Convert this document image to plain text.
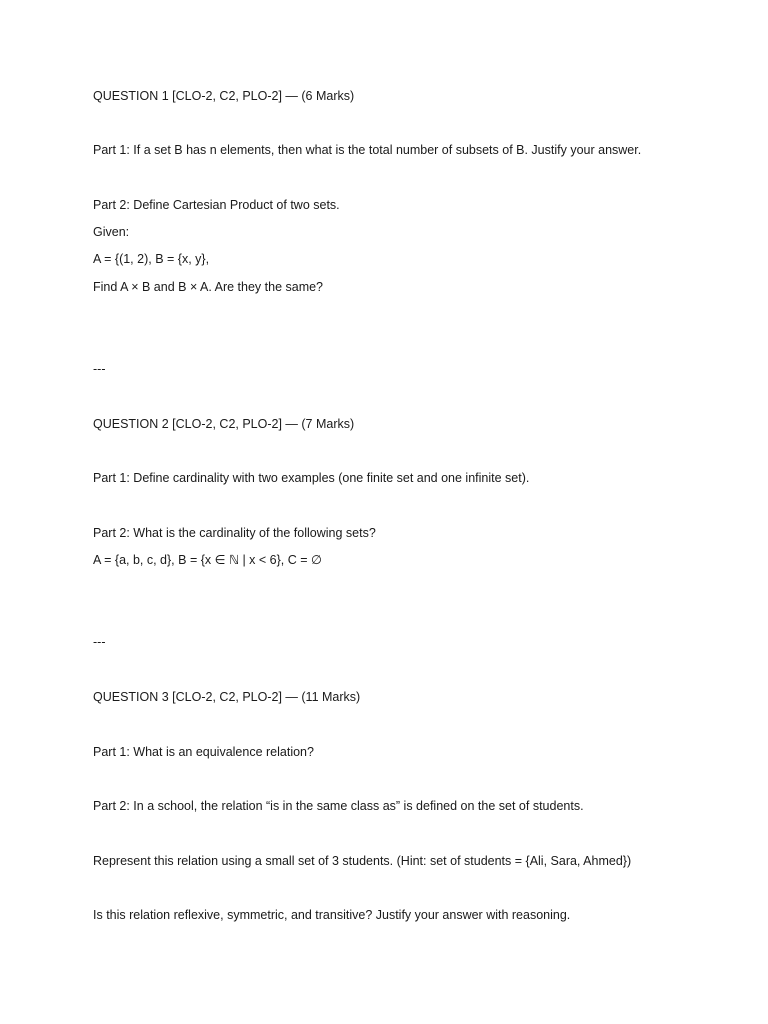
QUESTION 1 [CLO-2, C2, PLO-2] — (6 Marks)
Part 1: If a set B has n elements, then what is the total number of subsets of B. Justify your answer.
Part 2: Define Cartesian Product of two sets.
Given:
A = {(1, 2), B = {x, y},
Find A × B and B × A. Are they the same?
---
QUESTION 2 [CLO-2, C2, PLO-2] — (7 Marks)
Part 1: Define cardinality with two examples (one finite set and one infinite set).
Part 2: What is the cardinality of the following sets?
A = {a, b, c, d}, B = {x ∈ ℕ | x < 6}, C = ∅
---
QUESTION 3 [CLO-2, C2, PLO-2] — (11 Marks)
Part 1: What is an equivalence relation?
Part 2: In a school, the relation “is in the same class as” is defined on the set of students.
Represent this relation using a small set of 3 students. (Hint: set of students = {Ali, Sara, Ahmed})
Is this relation reflexive, symmetric, and transitive? Justify your answer with reasoning.
